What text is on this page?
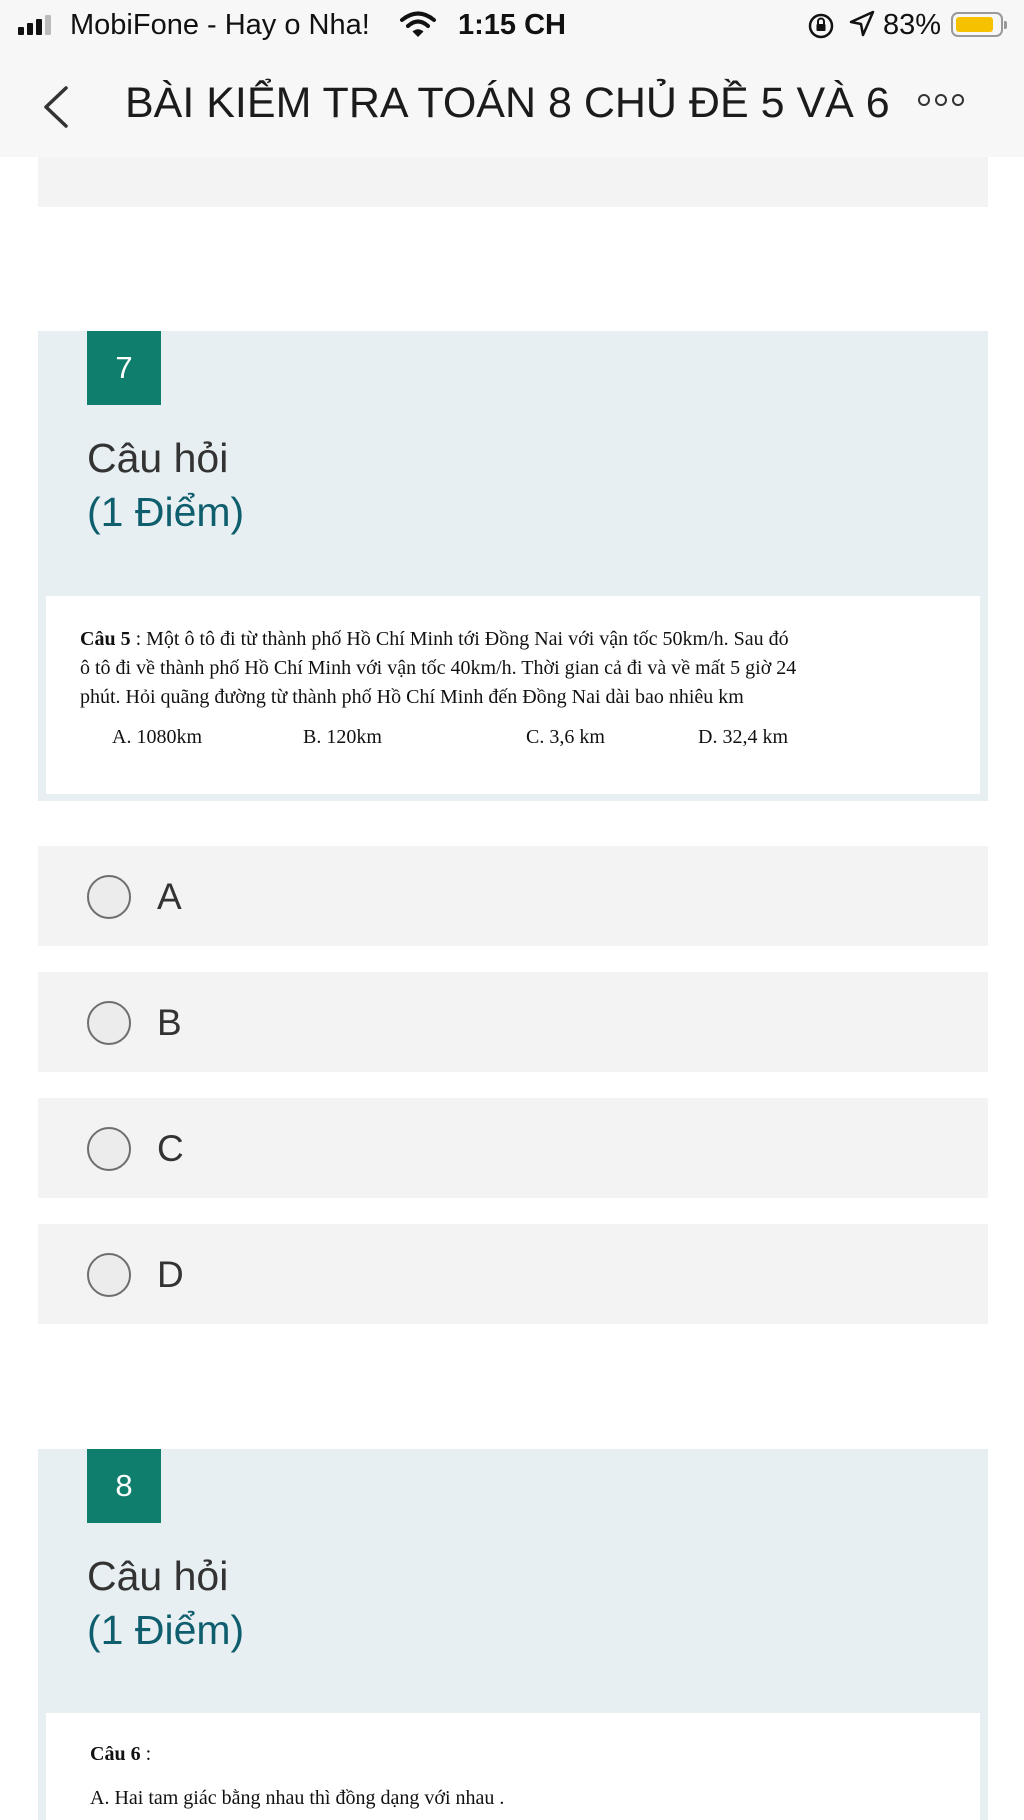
MobiFone - Hay o Nha!	1:15 CH	83%
BÀI KIỂM TRA TOÁN 8 CHỦ ĐỀ 5 VÀ 6
7
Câu hỏi
(1 Điểm)
Câu 5 : Một ô tô đi từ thành phố Hồ Chí Minh tới Đồng Nai với vận tốc 50km/h. Sau đó
ô tô đi về thành phố Hồ Chí Minh với vận tốc 40km/h. Thời gian cả đi và về mất 5 giờ 24
phút. Hỏi quãng đường từ thành phố Hồ Chí Minh đến Đồng Nai dài bao nhiêu km
A. 1080km	B. 120km	C. 3,6 km	D. 32,4 km
A
B
C
D
8
Câu hỏi
(1 Điểm)
Câu 6 :
A. Hai tam giác bằng nhau thì đồng dạng với nhau .
